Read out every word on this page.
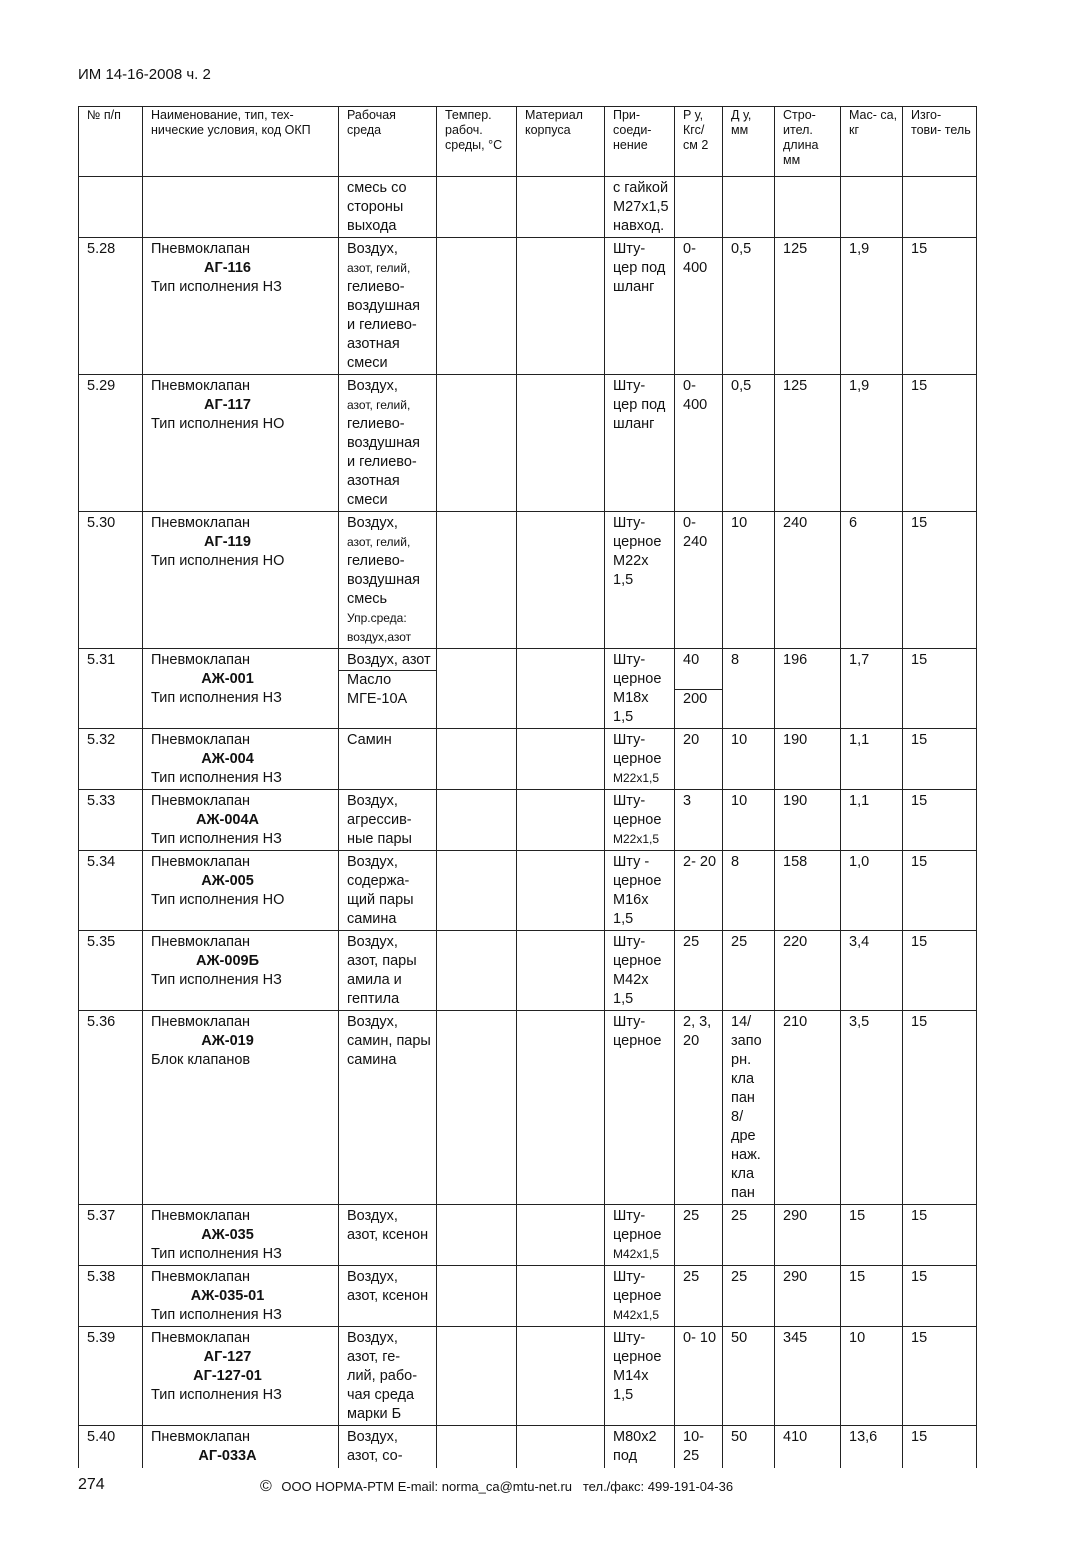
ИМ 14-16-2008 ч. 2
№ п/п	Наименование, тип, тех- нические условия, код ОКП	Рабочая среда	Темпер. рабоч. среды, °С	Материал корпуса	При- соеди- нение	P у, Кгс/ см 2	Д у, мм	Стро- ител. длина мм	Мас- са, кг	Изго- тови- тель
		смесь со стороны выхода			с гайкой М27х1,5 навход.					
5.28	Пневмоклапан
АГ-116
Тип исполнения НЗ	Воздух,
азот, гелий,
гелиево- воздушная и гелиево- азотная смеси			Шту- цер под шланг	0- 400	0,5	125	1,9	15
5.29	Пневмоклапан
АГ-117
Тип исполнения НО	Воздух,
азот, гелий,
гелиево- воздушная и гелиево- азотная смеси			Шту- цер под шланг	0- 400	0,5	125	1,9	15
5.30	Пневмоклапан
АГ-119
Тип исполнения НО	Воздух,
азот, гелий,
гелиево- воздушная смесь
Упр.среда: воздух,азот			Шту- церное М22х 1,5	0- 240	10	240	6	15
5.31	Пневмоклапан
АЖ-001
Тип исполнения НЗ	Воздух, азот
Масло МГЕ-10А			Шту- церное М18х 1,5	40
200	8	196	1,7	15
5.32	Пневмоклапан
АЖ-004
Тип исполнения НЗ	Самин			Шту- церное
М22х1,5	20	10	190	1,1	15
5.33	Пневмоклапан
АЖ-004А
Тип исполнения НЗ	Воздух, агрессив- ные пары			Шту- церное
М22х1,5	3	10	190	1,1	15
5.34	Пневмоклапан
АЖ-005
Тип исполнения НО	Воздух, содержа- щий пары самина			Шту - церное М16х 1,5	2- 20	8	158	1,0	15
5.35	Пневмоклапан
АЖ-009Б
Тип исполнения НЗ	Воздух, азот, пары амила и гептила			Шту- церное М42х 1,5	25	25	220	3,4	15
5.36	Пневмоклапан
АЖ-019
Блок клапанов	Воздух, самин, пары самина			Шту- церное	2, 3, 20	14/ запо рн. кла пан 8/ дре наж. кла пан	210	3,5	15
5.37	Пневмоклапан
АЖ-035
Тип исполнения НЗ	Воздух, азот, ксенон			Шту- церное
М42х1,5	25	25	290	15	15
5.38	Пневмоклапан
АЖ-035-01
Тип исполнения НЗ	Воздух, азот, ксенон			Шту- церное
М42х1,5	25	25	290	15	15
5.39	Пневмоклапан
АГ-127
АГ-127-01
Тип исполнения НЗ	Воздух, азот, ге- лий, рабо- чая среда марки Б			Шту- церное М14х 1,5	0- 10	50	345	10	15
5.40	Пневмоклапан
АГ-033А	Воздух, азот, со-			М80х2 под	10- 25	50	410	13,6	15
274	© ООО НОРМА-РТМ E-mail: norma_ca@mtu-net.ru тел./факс: 499-191-04-36
